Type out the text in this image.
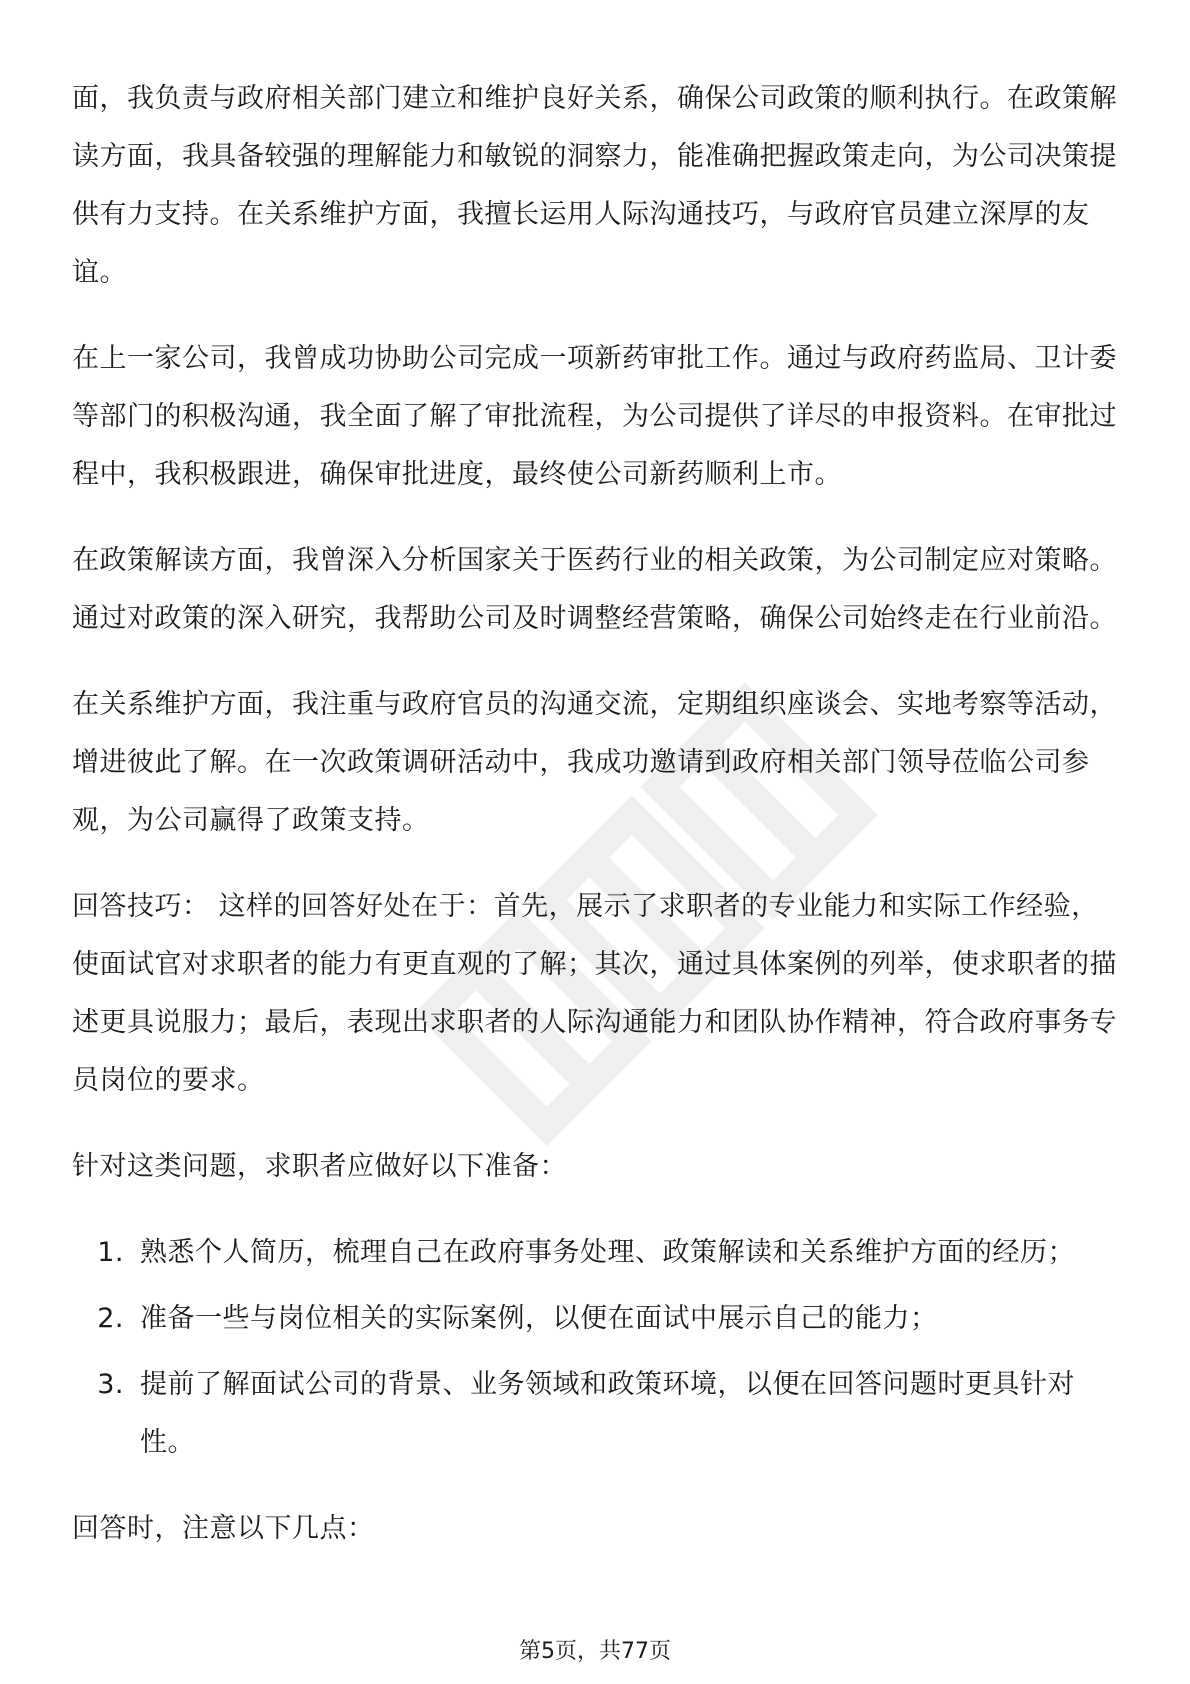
面，我负责与政府相关部门建立和维护良好关系，确保公司政策的顺利执行。在政策解读方面，我具备较强的理解能力和敏锐的洞察力，能准确把握政策走向，为公司决策提供有力支持。在关系维护方面，我擅长运用人际沟通技巧，与政府官员建立深厚的友谊。

在上一家公司，我曾成功协助公司完成一项新药审批工作。通过与政府药监局、卫计委等部门的积极沟通，我全面了解了审批流程，为公司提供了详尽的申报资料。在审批过程中，我积极跟进，确保审批进度，最终使公司新药顺利上市。

在政策解读方面，我曾深入分析国家关于医药行业的相关政策，为公司制定应对策略。通过对政策的深入研究，我帮助公司及时调整经营策略，确保公司始终走在行业前沿。

在关系维护方面，我注重与政府官员的沟通交流，定期组织座谈会、实地考察等活动，增进彼此了解。在一次政策调研活动中，我成功邀请到政府相关部门领导莅临公司参观，为公司赢得了政策支持。

回答技巧： 这样的回答好处在于：首先，展示了求职者的专业能力和实际工作经验，使面试官对求职者的能力有更直观的了解；其次，通过具体案例的列举，使求职者的描述更具说服力；最后，表现出求职者的人际沟通能力和团队协作精神，符合政府事务专员岗位的要求。

针对这类问题，求职者应做好以下准备：

1. 熟悉个人简历，梳理自己在政府事务处理、政策解读和关系维护方面的经历；
2. 准备一些与岗位相关的实际案例，以便在面试中展示自己的能力；
3. 提前了解面试公司的背景、业务领域和政策环境，以便在回答问题时更具针对性。

回答时，注意以下几点：

第5页，共77页
